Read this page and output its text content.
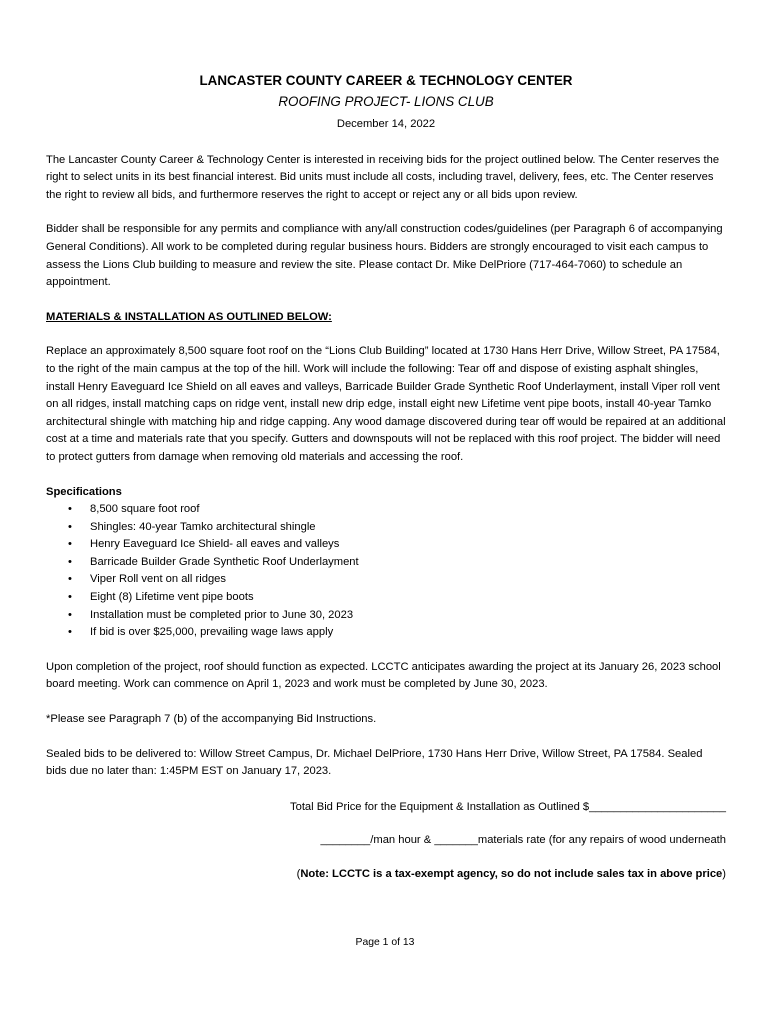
LANCASTER COUNTY CAREER & TECHNOLOGY CENTER

ROOFING PROJECT- LIONS CLUB

December 14, 2022

The Lancaster County Career & Technology Center is interested in receiving bids for the project outlined below. The Center reserves the right to select units in its best financial interest. Bid units must include all costs, including travel, delivery, fees, etc. The Center reserves the right to review all bids, and furthermore reserves the right to accept or reject any or all bids upon review.

Bidder shall be responsible for any permits and compliance with any/all construction codes/guidelines (per Paragraph 6 of accompanying General Conditions). All work to be completed during regular business hours. Bidders are strongly encouraged to visit each campus to assess the Lions Club building to measure and review the site. Please contact Dr. Mike DelPriore (717-464-7060) to schedule an appointment.

MATERIALS & INSTALLATION AS OUTLINED BELOW:

Replace an approximately 8,500 square foot roof on the “Lions Club Building” located at 1730 Hans Herr Drive, Willow Street, PA 17584, to the right of the main campus at the top of the hill. Work will include the following: Tear off and dispose of existing asphalt shingles, install Henry Eaveguard Ice Shield on all eaves and valleys, Barricade Builder Grade Synthetic Roof Underlayment, install Viper roll vent on all ridges, install matching caps on ridge vent, install new drip edge, install eight new Lifetime vent pipe boots, install 40-year Tamko architectural shingle with matching hip and ridge capping. Any wood damage discovered during tear off would be repaired at an additional cost at a time and materials rate that you specify. Gutters and downspouts will not be replaced with this roof project. The bidder will need to protect gutters from damage when removing old materials and accessing the roof.

Specifications

• 8,500 square foot roof
• Shingles: 40-year Tamko architectural shingle
• Henry Eaveguard Ice Shield- all eaves and valleys
• Barricade Builder Grade Synthetic Roof Underlayment
• Viper Roll vent on all ridges
• Eight (8) Lifetime vent pipe boots
• Installation must be completed prior to June 30, 2023
• If bid is over $25,000, prevailing wage laws apply

Upon completion of the project, roof should function as expected. LCCTC anticipates awarding the project at its January 26, 2023 school board meeting. Work can commence on April 1, 2023 and work must be completed by June 30, 2023.

*Please see Paragraph 7 (b) of the accompanying Bid Instructions.

Sealed bids to be delivered to: Willow Street Campus, Dr. Michael DelPriore, 1730 Hans Herr Drive, Willow Street, PA 17584. Sealed bids due no later than: 1:45PM EST on January 17, 2023.

Total Bid Price for the Equipment & Installation as Outlined $______________________

________/man hour & _______materials rate (for any repairs of wood underneath

(Note: LCCTC is a tax-exempt agency, so do not include sales tax in above price)

Page 1 of 13
